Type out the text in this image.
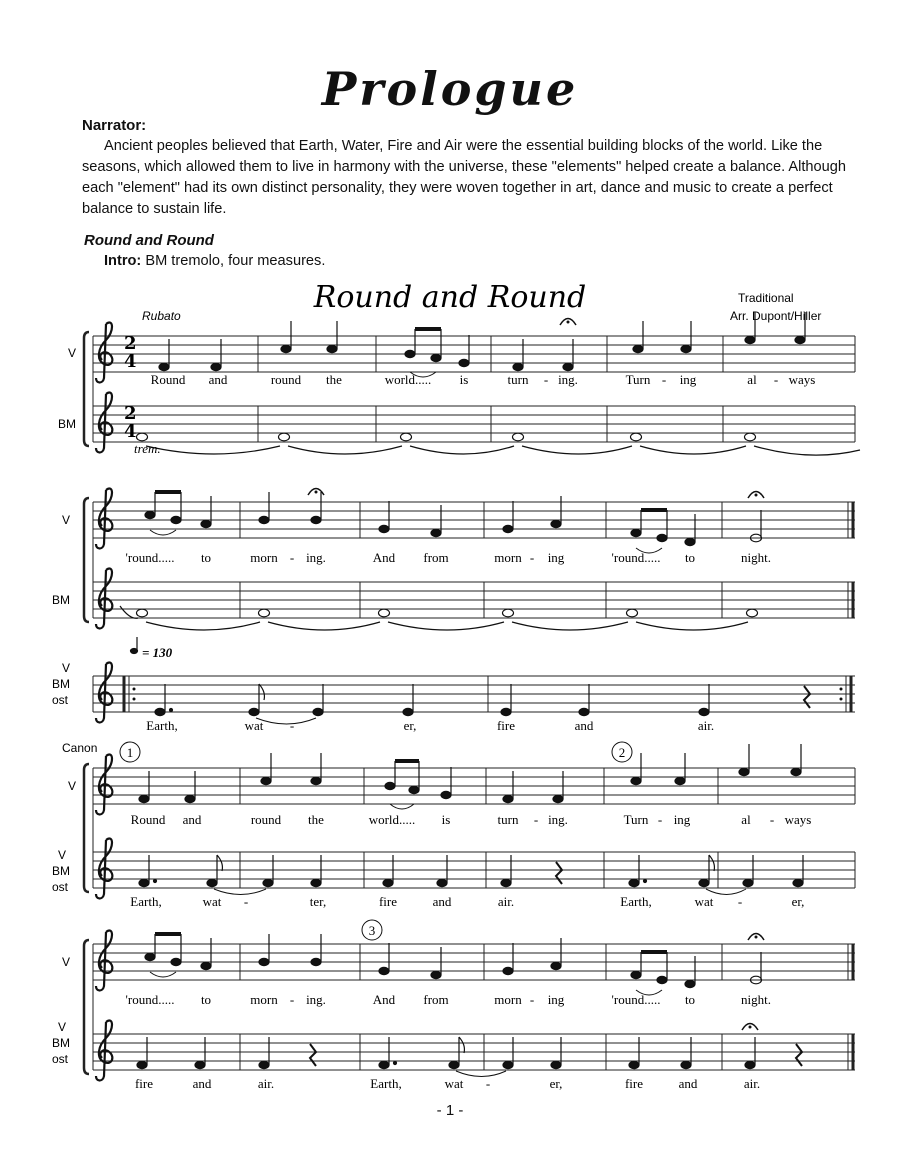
Prologue
Narrator:

Ancient peoples believed that Earth, Water, Fire and Air were the essential building blocks of the world. Like the seasons, which allowed them to live in harmony with the universe, these "elements" helped create a balance. Although each "element" had its own distinct personality, they were woven together in art, dance and music to create a perfect balance to sustain life.

Round and Round
Intro: BM tremolo, four measures.
Round and Round	Traditional
Arr. Dupont/Hiller
Rubato
2
4
2
4
V
BM
trem.
Round and	round the	world..... is	turn - ing.	Turn - ing	al - ways
V
BM
'round..... to	morn - ing.	And from	morn - ing	'round..... to	night.
V
BM
ost
= 130
Earth,	wat -	er,	fire	and	air.
Canon 1	2
V
V
BM
ost
Round and	round the	world..... is	turn - ing.	Turn - ing	al - ways
Earth,	wat -	ter,	fire	and	air.	Earth,	wat -	er,
3
V
V
BM
ost
'round..... to	morn - ing.	And from	morn - ing	'round..... to	night.
fire	and	air.	Earth,	wat -	er,	fire	and	air.
- 1 -
